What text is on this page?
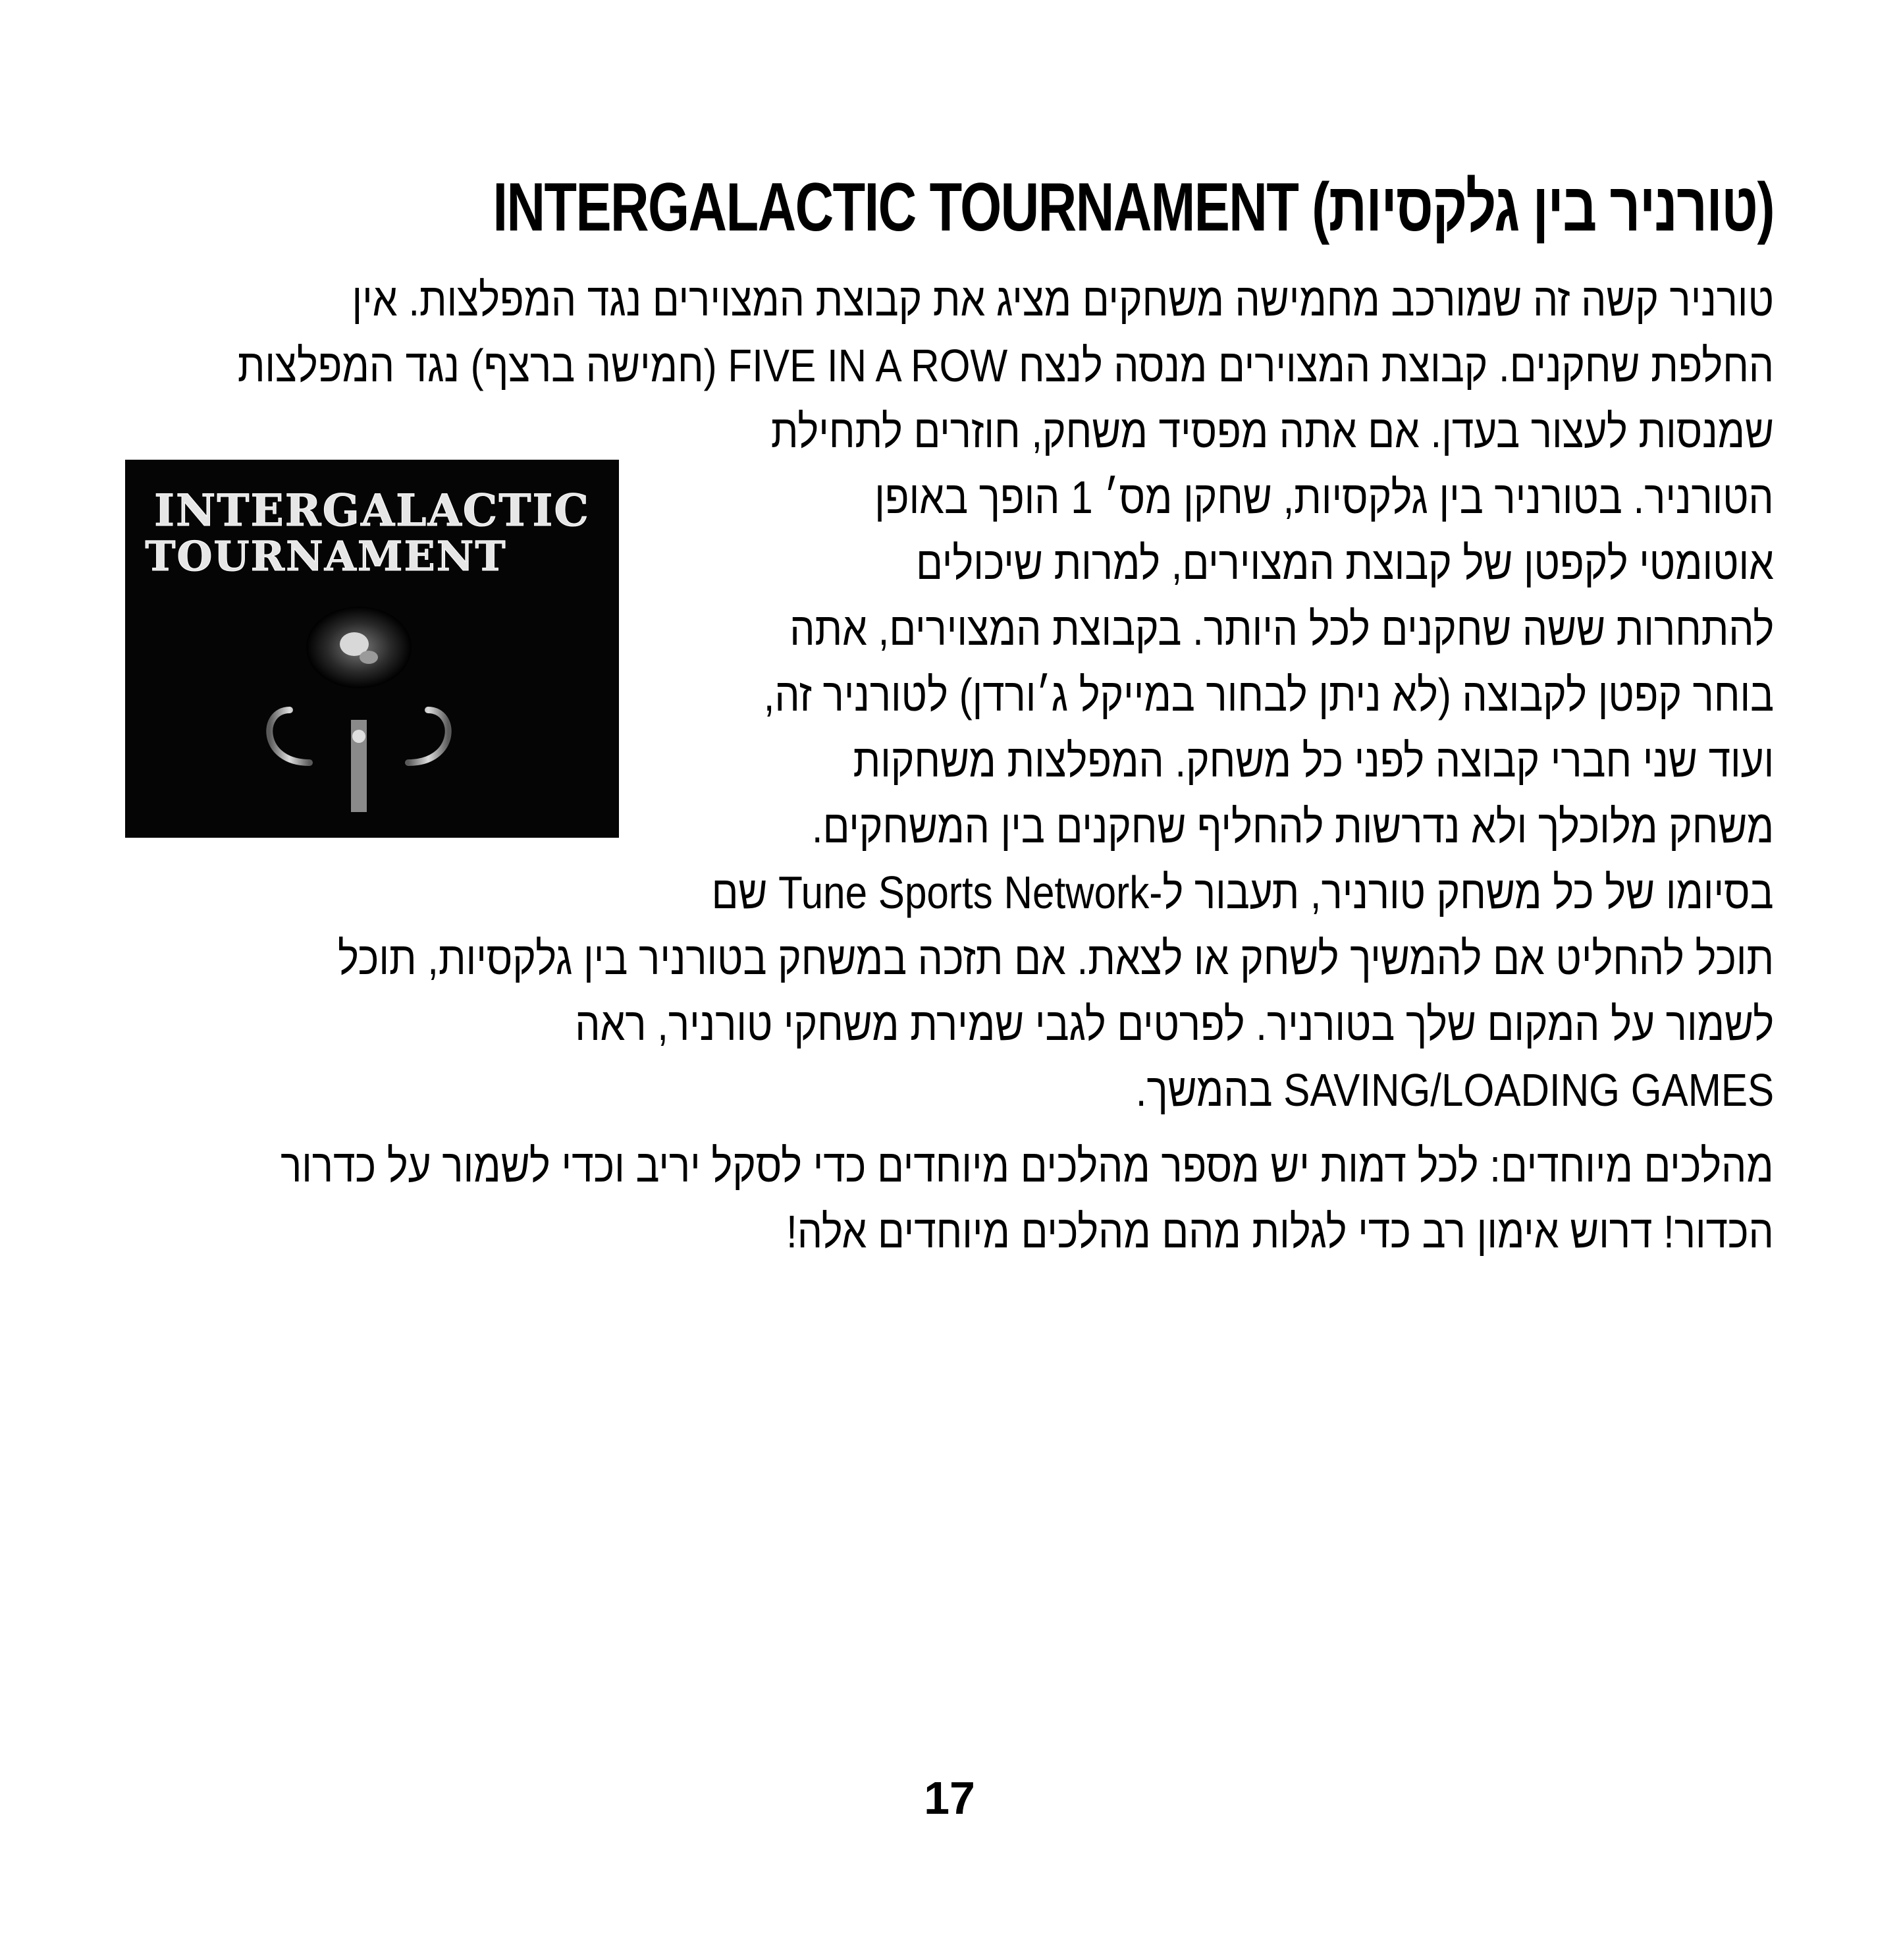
(טורניר בין גלקסיות) INTERGALACTIC TOURNAMENT
טורניר קשה זה שמורכב מחמישה משחקים מציג את קבוצת המצוירים נגד המפלצות. אין
החלפת שחקנים. קבוצת המצוירים מנסה לנצח FIVE IN A ROW (חמישה ברצף) נגד המפלצות
שמנסות לעצור בעדן. אם אתה מפסיד משחק, חוזרים לתחילת
הטורניר. בטורניר בין גלקסיות, שחקן מס׳ 1 הופך באופן
אוטומטי לקפטן של קבוצת המצוירים, למרות שיכולים
להתחרות ששה שחקנים לכל היותר. בקבוצת המצוירים, אתה
בוחר קפטן לקבוצה (לא ניתן לבחור במייקל ג׳ורדן) לטורניר זה,
ועוד שני חברי קבוצה לפני כל משחק. המפלצות משחקות
משחק מלוכלך ולא נדרשות להחליף שחקנים בין המשחקים.
בסיומו של כל משחק טורניר, תעבור ל-Tune Sports Network שם
תוכל להחליט אם להמשיך לשחק או לצאת. אם תזכה במשחק בטורניר בין גלקסיות, תוכל
לשמור על המקום שלך בטורניר. לפרטים לגבי שמירת משחקי טורניר, ראה
SAVING/LOADING GAMES בהמשך.
מהלכים מיוחדים: לכל דמות יש מספר מהלכים מיוחדים כדי לסקל יריב וכדי לשמור על כדרור
הכדור! דרוש אימון רב כדי לגלות מהם מהלכים מיוחדים אלה!
INTERGALACTIC
TOURNAMENT
17
